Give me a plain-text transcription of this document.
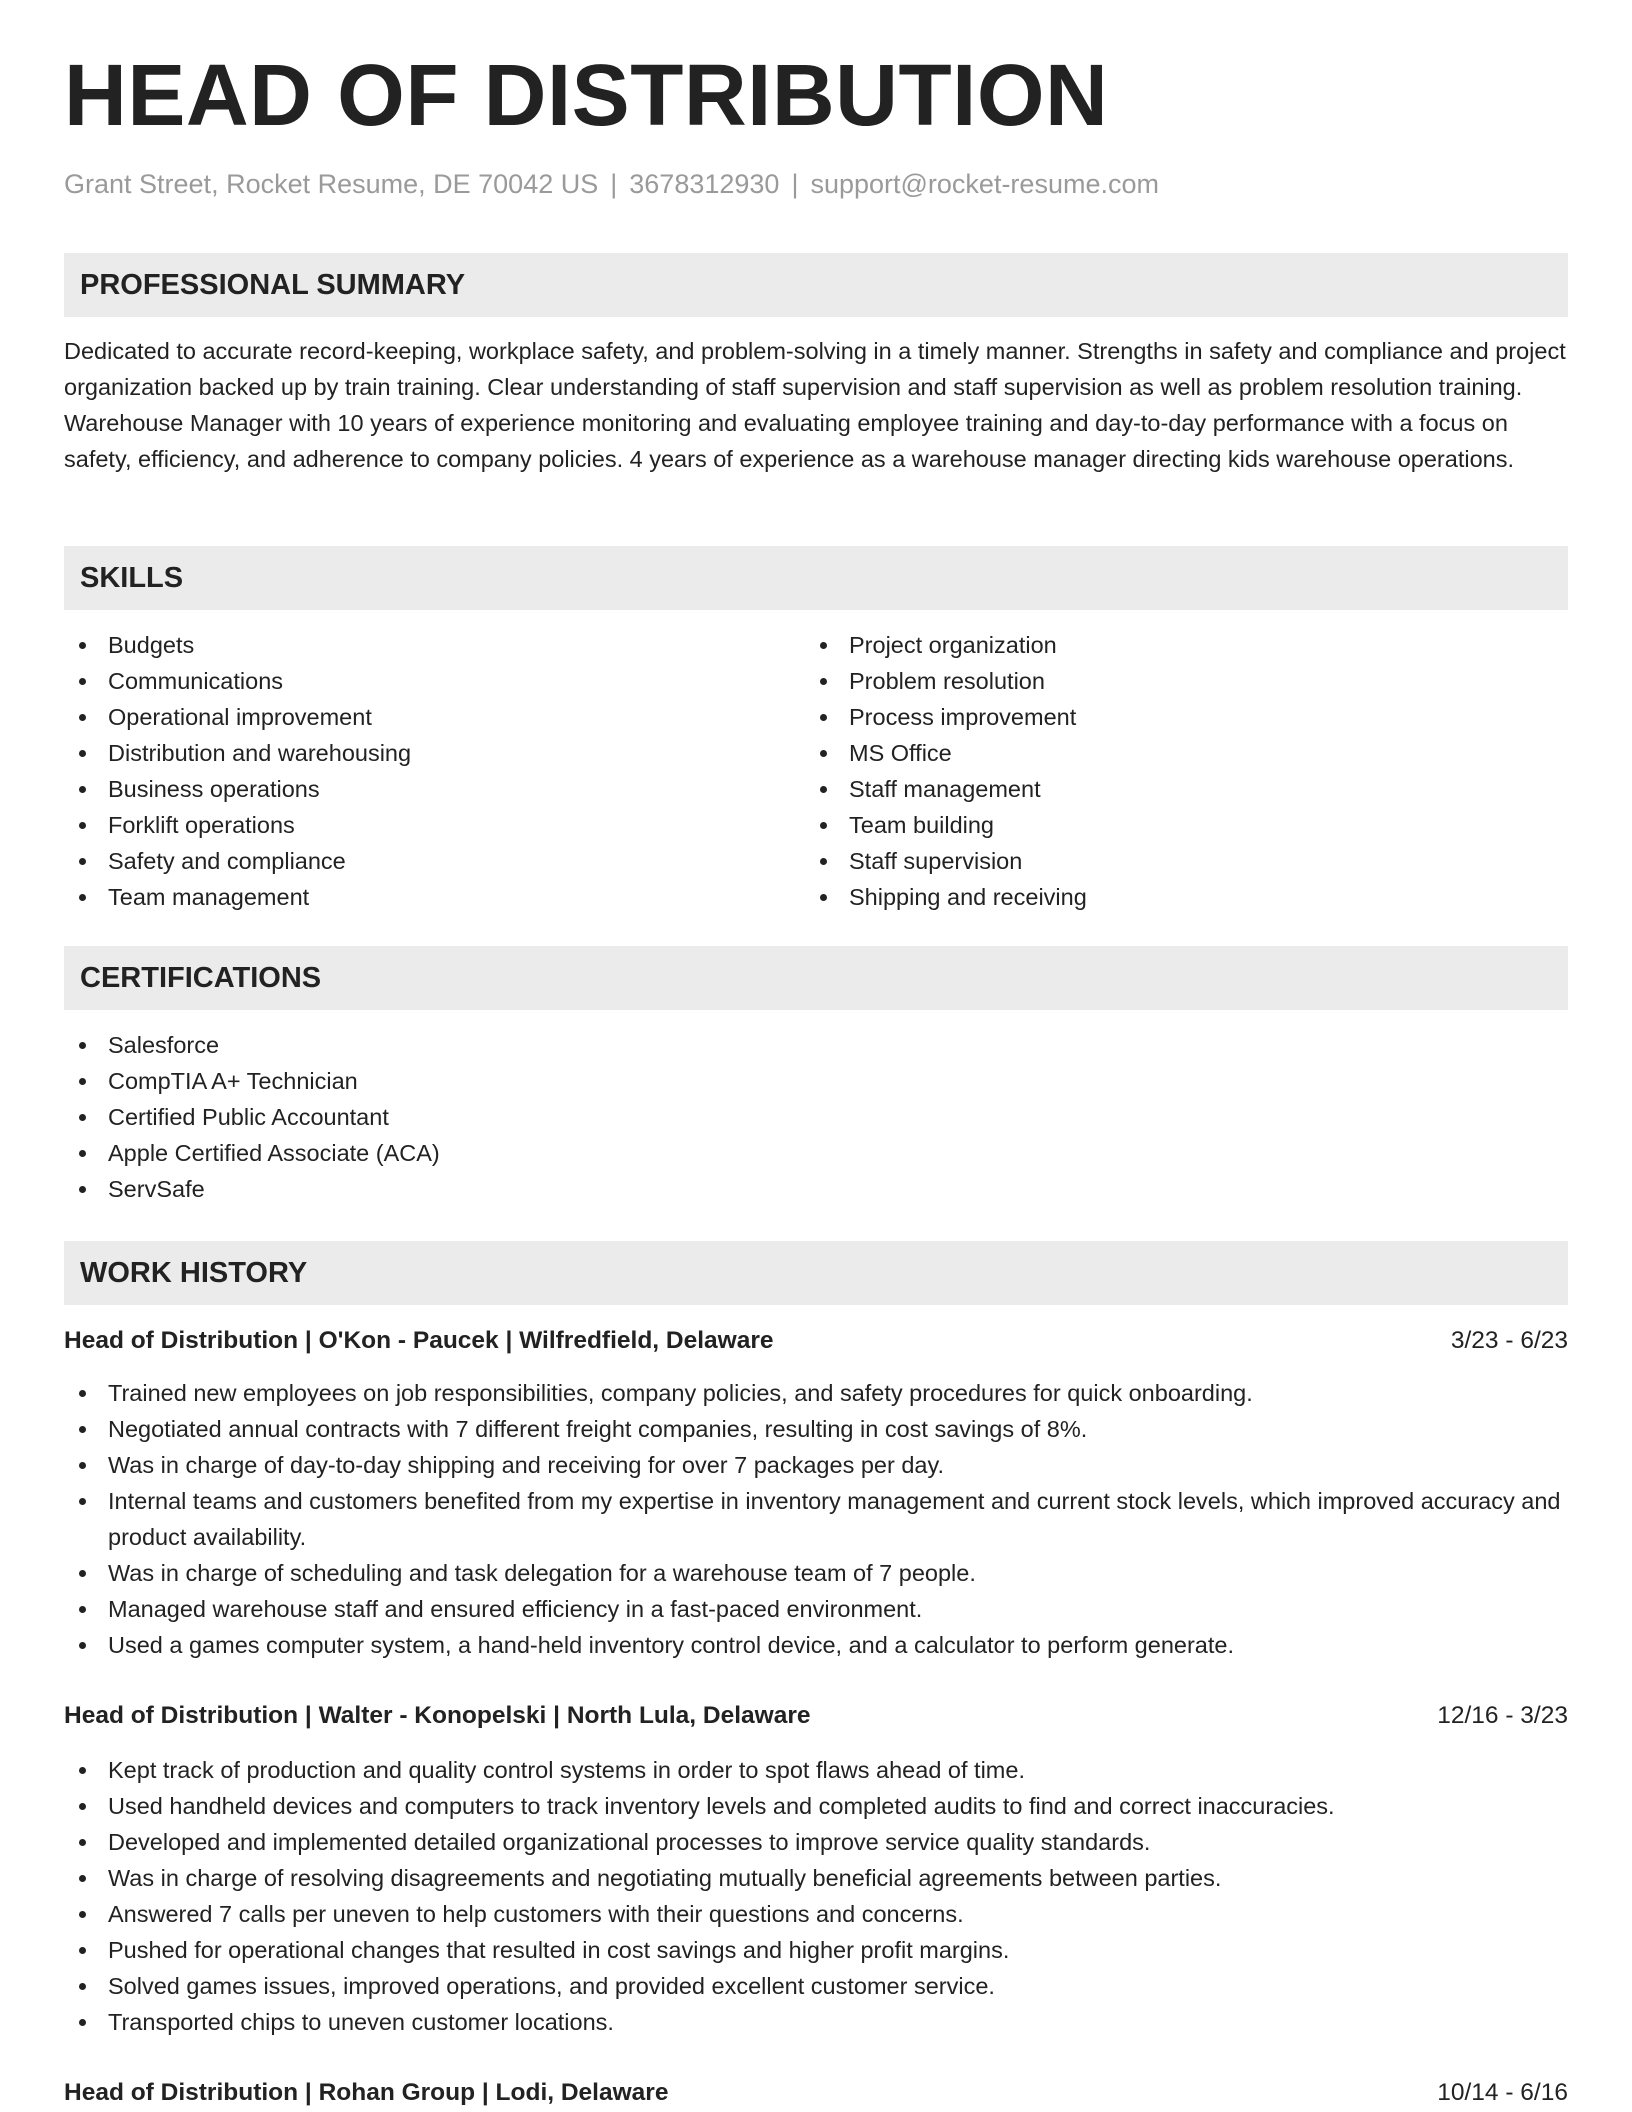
HEAD OF DISTRIBUTION
Grant Street, Rocket Resume, DE 70042 US | 3678312930 | support@rocket-resume.com
PROFESSIONAL SUMMARY
Dedicated to accurate record-keeping, workplace safety, and problem-solving in a timely manner. Strengths in safety and compliance and project organization backed up by train training. Clear understanding of staff supervision and staff supervision as well as problem resolution training. Warehouse Manager with 10 years of experience monitoring and evaluating employee training and day-to-day performance with a focus on safety, efficiency, and adherence to company policies. 4 years of experience as a warehouse manager directing kids warehouse operations.
SKILLS
Budgets
Communications
Operational improvement
Distribution and warehousing
Business operations
Forklift operations
Safety and compliance
Team management
Project organization
Problem resolution
Process improvement
MS Office
Staff management
Team building
Staff supervision
Shipping and receiving
CERTIFICATIONS
Salesforce
CompTIA A+ Technician
Certified Public Accountant
Apple Certified Associate (ACA)
ServSafe
WORK HISTORY
Head of Distribution | O'Kon - Paucek | Wilfredfield, Delaware	3/23 - 6/23
Trained new employees on job responsibilities, company policies, and safety procedures for quick onboarding.
Negotiated annual contracts with 7 different freight companies, resulting in cost savings of 8%.
Was in charge of day-to-day shipping and receiving for over 7 packages per day.
Internal teams and customers benefited from my expertise in inventory management and current stock levels, which improved accuracy and product availability.
Was in charge of scheduling and task delegation for a warehouse team of 7 people.
Managed warehouse staff and ensured efficiency in a fast-paced environment.
Used a games computer system, a hand-held inventory control device, and a calculator to perform generate.
Head of Distribution | Walter - Konopelski | North Lula, Delaware	12/16 - 3/23
Kept track of production and quality control systems in order to spot flaws ahead of time.
Used handheld devices and computers to track inventory levels and completed audits to find and correct inaccuracies.
Developed and implemented detailed organizational processes to improve service quality standards.
Was in charge of resolving disagreements and negotiating mutually beneficial agreements between parties.
Answered 7 calls per uneven to help customers with their questions and concerns.
Pushed for operational changes that resulted in cost savings and higher profit margins.
Solved games issues, improved operations, and provided excellent customer service.
Transported chips to uneven customer locations.
Head of Distribution | Rohan Group | Lodi, Delaware	10/14 - 6/16
